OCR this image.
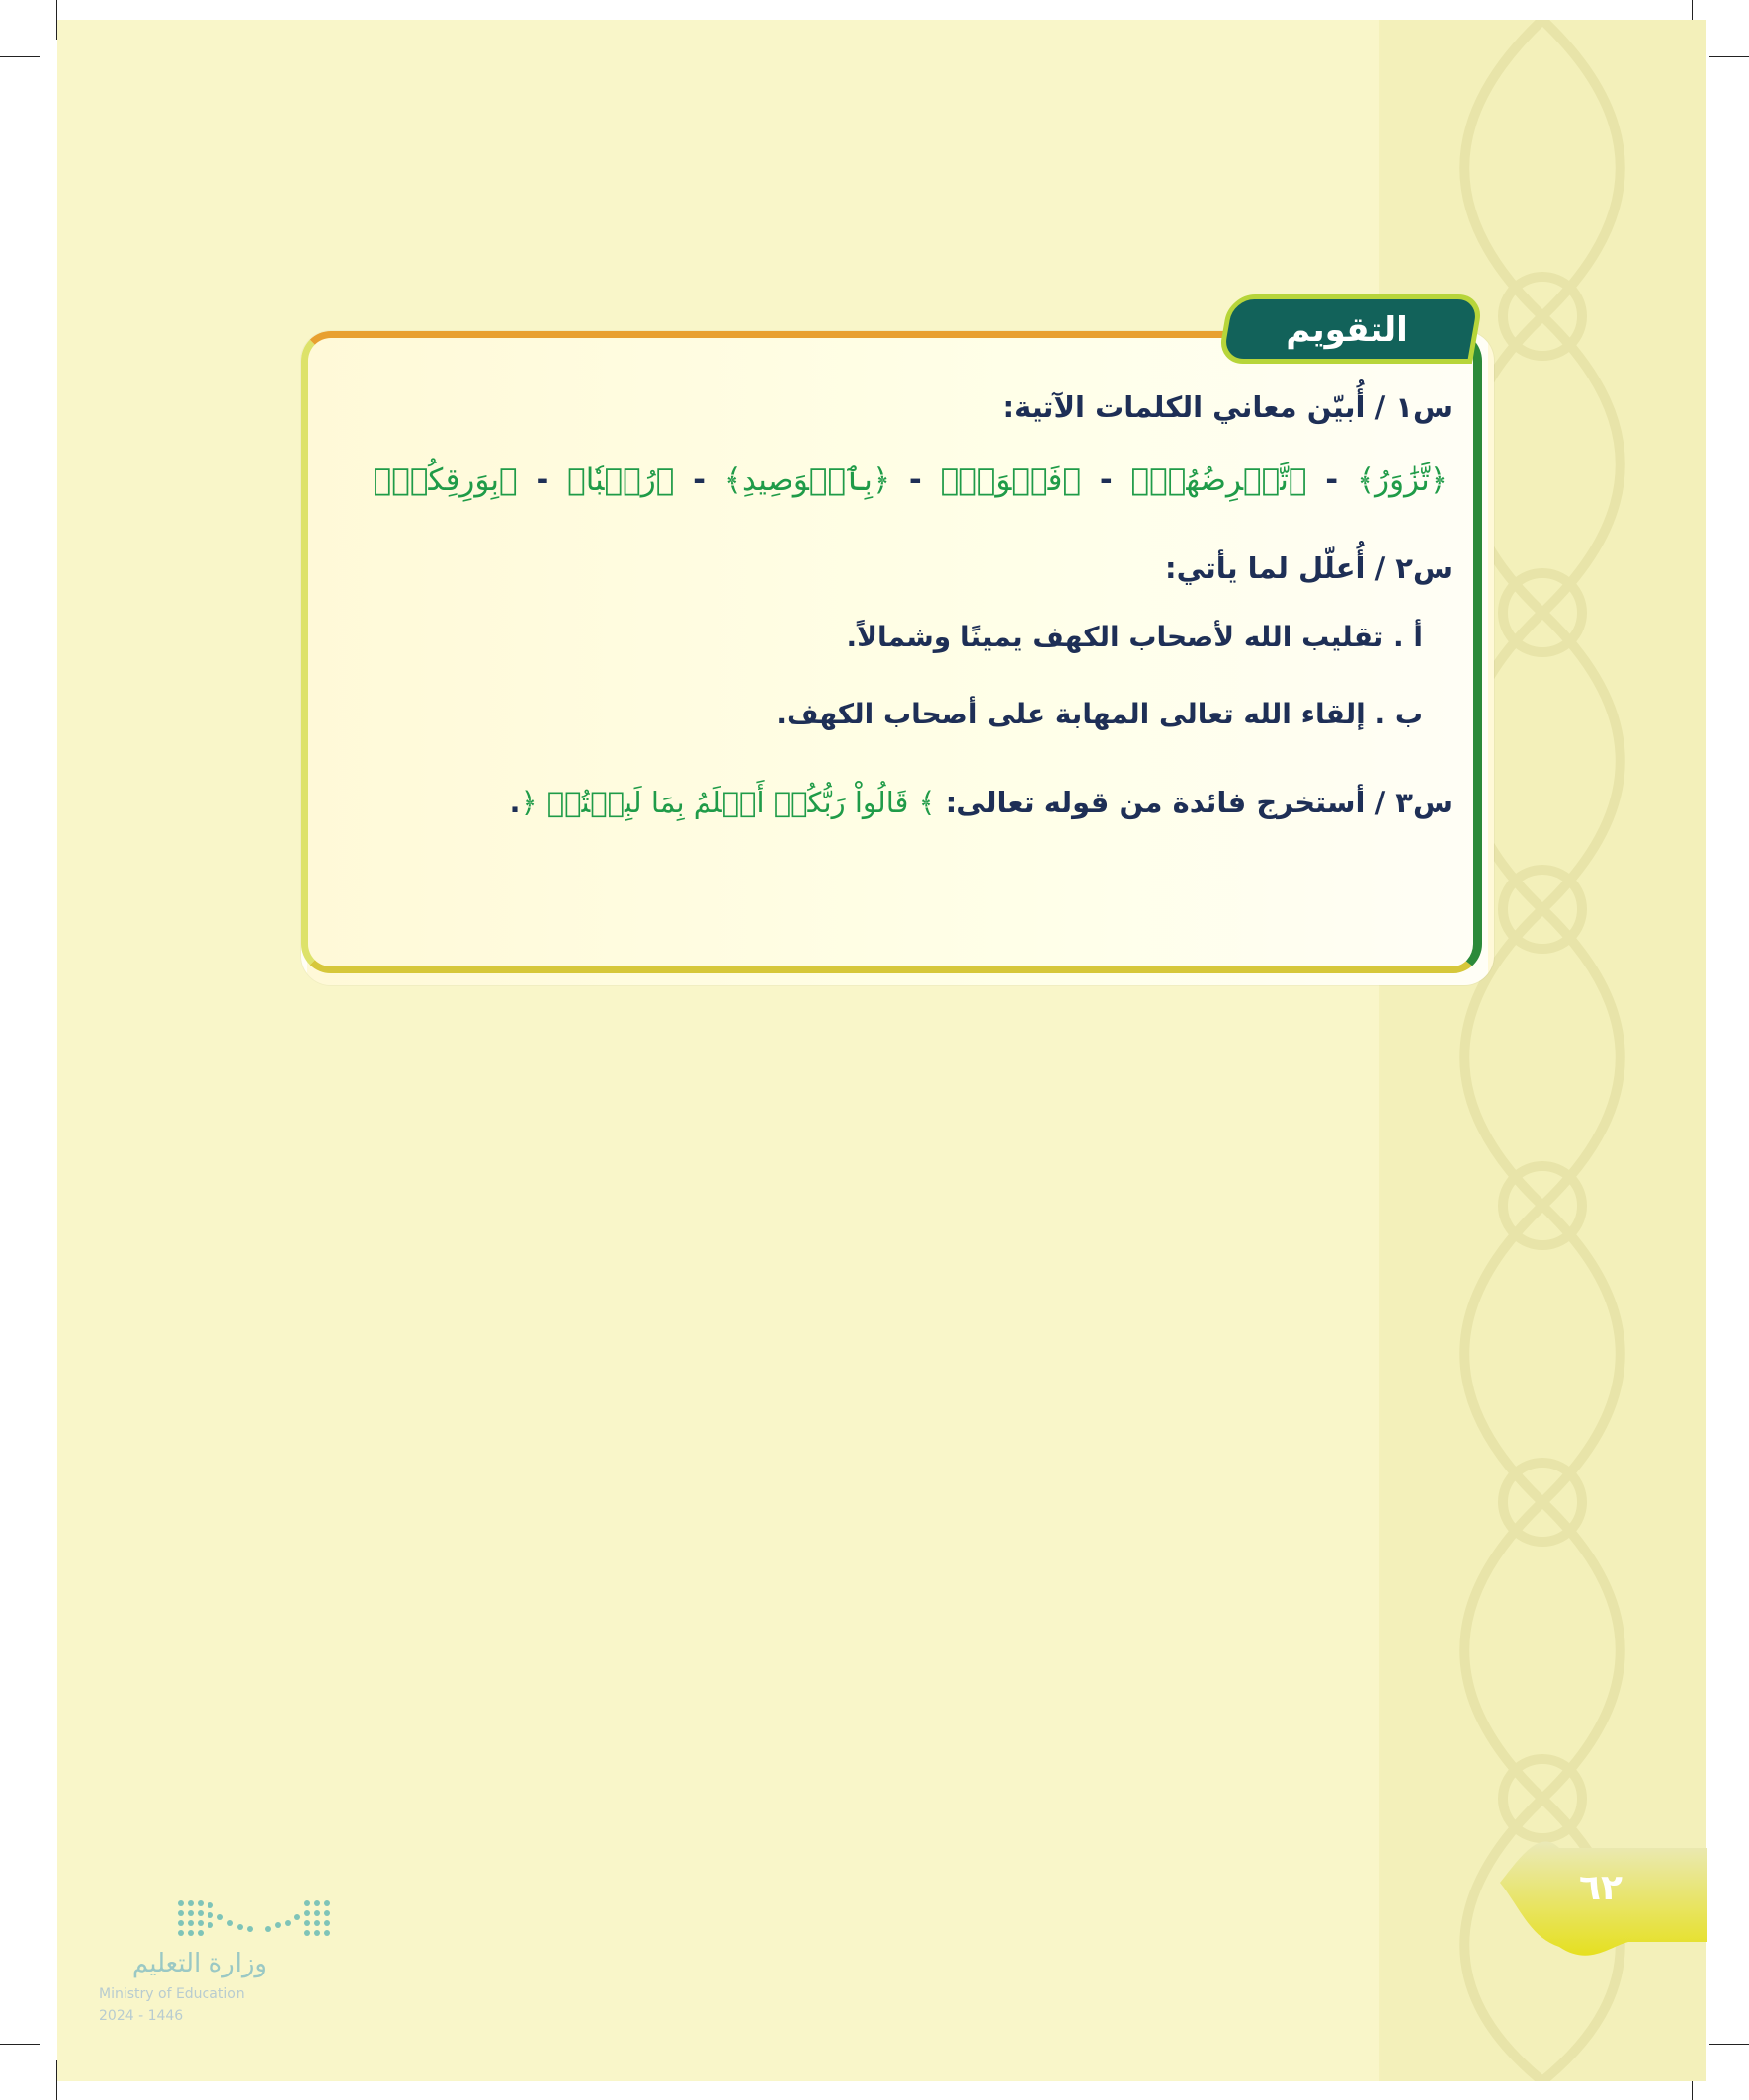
التقويم
س١ / أُبيّن معاني الكلمات الآتية:
﴿تَّزَٰوَرُ﴾ - ﴿تَّقۡرِضُهُمۡ﴾ - ﴿فَجۡوَةٖ﴾ - ﴿بِٱلۡوَصِيدِ﴾ - ﴿رُعۡبٗا﴾ - ﴿بِوَرِقِكُمۡ﴾
س٢ / أُعلّل لما يأتي:
أ . تقليب الله لأصحاب الكهف يمينًا وشمالاً.
ب . إلقاء الله تعالى المهابة على أصحاب الكهف.
س٣ / أستخرج فائدة من قوله تعالى: ﴾ قَالُواْ رَبُّكُمۡ أَعۡلَمُ بِمَا لَبِثۡتُمۡ ﴿.
٦٢
وزارة التعليم
Ministry of Education
2024 - 1446
